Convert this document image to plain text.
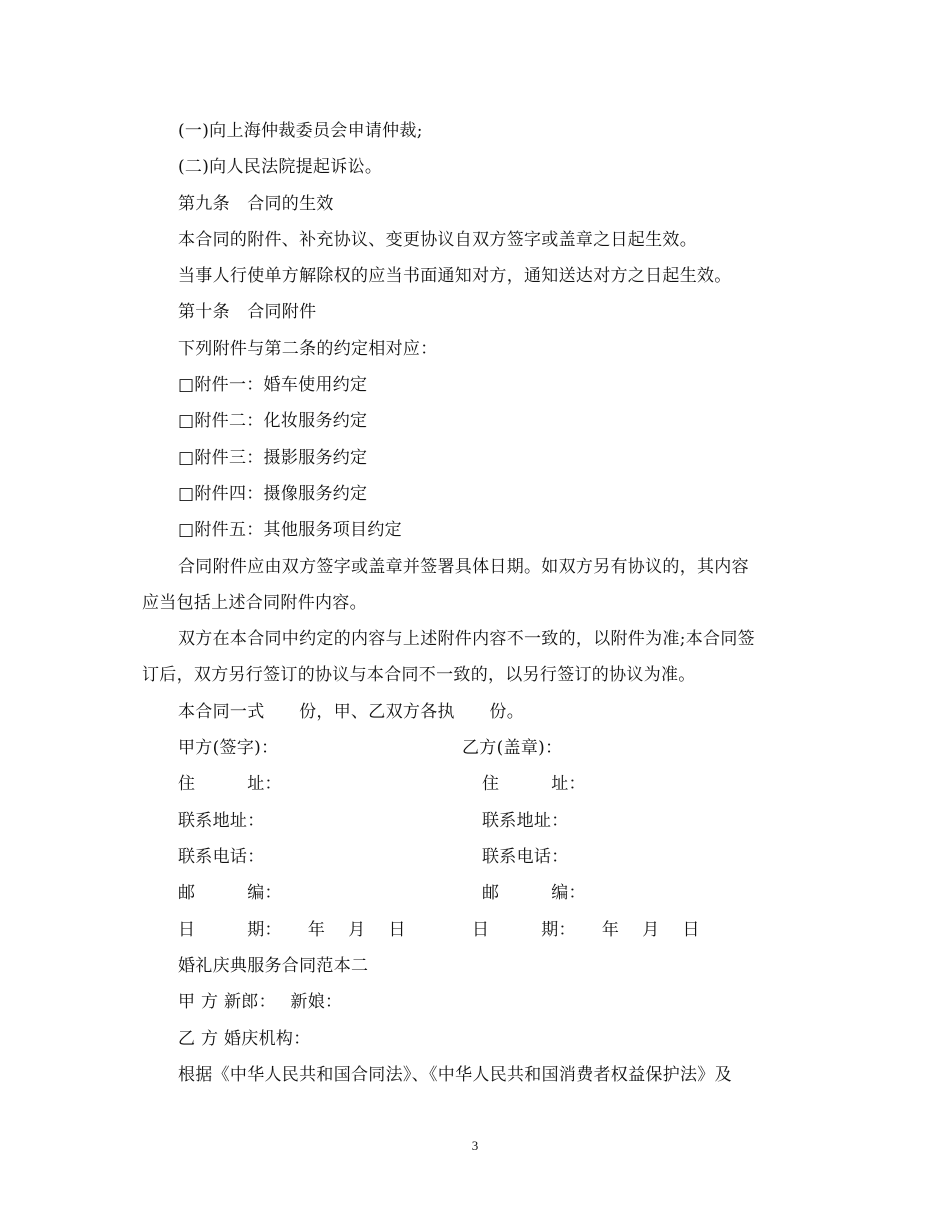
(一)向上海仲裁委员会申请仲裁;
(二)向人民法院提起诉讼。
第九条　合同的生效
本合同的附件、补充协议、变更协议自双方签字或盖章之日起生效。
当事人行使单方解除权的应当书面通知对方，通知送达对方之日起生效。
第十条　合同附件
下列附件与第二条的约定相对应：
□附件一：婚车使用约定
□附件二：化妆服务约定
□附件三：摄影服务约定
□附件四：摄像服务约定
□附件五：其他服务项目约定
合同附件应由双方签字或盖章并签署具体日期。如双方另有协议的，其内容
应当包括上述合同附件内容。
双方在本合同中约定的内容与上述附件内容不一致的，以附件为准;本合同签
订后，双方另行签订的协议与本合同不一致的，以另行签订的协议为准。
本合同一式　　份，甲、乙双方各执　　份。
甲方(签字)：	乙方(盖章)：
住　　　址：	住　　　址：
联系地址：	联系地址：
联系电话：	联系电话：
邮　　　编：	邮　　　编：
日　　　期：　　年　 月　 日	日　　　期：　　年　 月　 日
婚礼庆典服务合同范本二
甲 方 新郎：　 新娘：
乙 方 婚庆机构：
根据《中华人民共和国合同法》、《中华人民共和国消费者权益保护法》及
3
